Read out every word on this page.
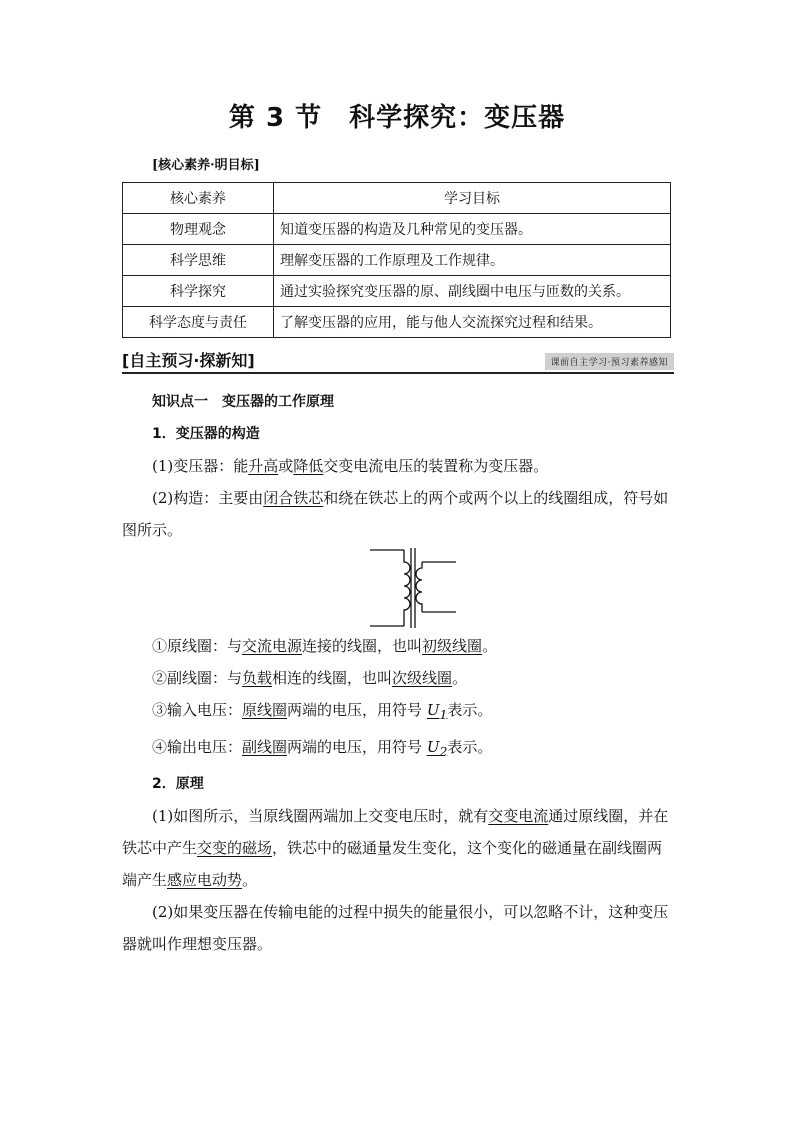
第 3 节　科学探究：变压器
[核心素养·明目标]
核心素养	学习目标
物理观念	知道变压器的构造及几种常见的变压器。
科学思维	理解变压器的工作原理及工作规律。
科学探究	通过实验探究变压器的原、副线圈中电压与匝数的关系。
科学态度与责任	了解变压器的应用，能与他人交流探究过程和结果。
[自主预习·探新知]	课前自主学习·预习素养感知

知识点一　变压器的工作原理

1．变压器的构造

(1)变压器：能升高或降低交变电流电压的装置称为变压器。

(2)构造：主要由闭合铁芯和绕在铁芯上的两个或两个以上的线圈组成，符号如图所示。

①原线圈：与交流电源连接的线圈，也叫初级线圈。

②副线圈：与负载相连的线圈，也叫次级线圈。

③输入电压：原线圈两端的电压，用符号 $U_1$表示。

④输出电压：副线圈两端的电压，用符号 $U_2$表示。

2．原理

(1)如图所示，当原线圈两端加上交变电压时，就有交变电流通过原线圈，并在铁芯中产生交变的磁场，铁芯中的磁通量发生变化，这个变化的磁通量在副线圈两端产生感应电动势。

(2)如果变压器在传输电能的过程中损失的能量很小，可以忽略不计，这种变压器就叫作理想变压器。
